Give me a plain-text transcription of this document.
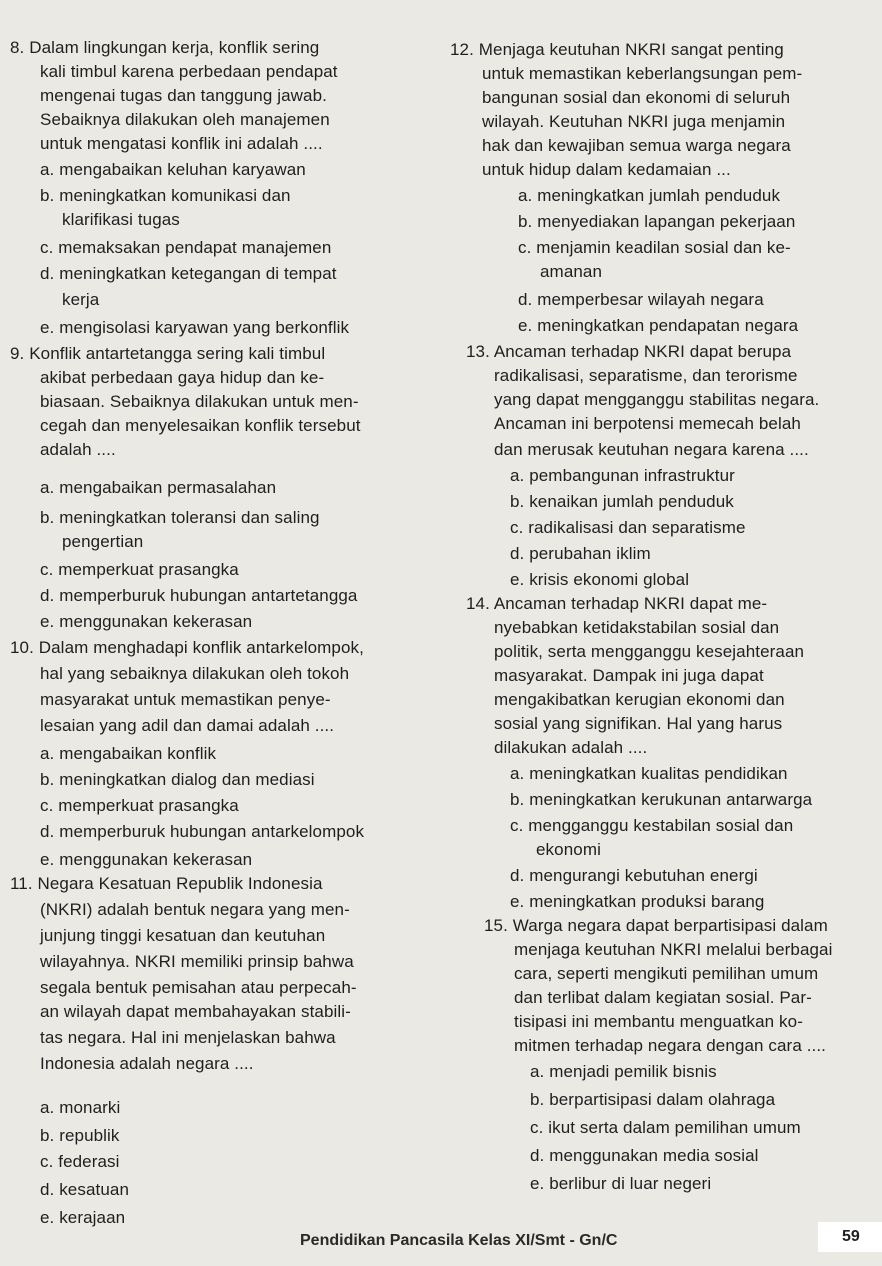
8. Dalam lingkungan kerja, konflik sering
kali timbul karena perbedaan pendapat
mengenai tugas dan tanggung jawab.
Sebaiknya dilakukan oleh manajemen
untuk mengatasi konflik ini adalah ....
a. mengabaikan keluhan karyawan
b. meningkatkan komunikasi dan
klarifikasi tugas
c. memaksakan pendapat manajemen
d. meningkatkan ketegangan di tempat
kerja
e. mengisolasi karyawan yang berkonflik
9. Konflik antartetangga sering kali timbul
akibat perbedaan gaya hidup dan ke-
biasaan. Sebaiknya dilakukan untuk men-
cegah dan menyelesaikan konflik tersebut
adalah ....
a. mengabaikan permasalahan
b. meningkatkan toleransi dan saling
pengertian
c. memperkuat prasangka
d. memperburuk hubungan antartetangga
e. menggunakan kekerasan
10. Dalam menghadapi konflik antarkelompok,
hal yang sebaiknya dilakukan oleh tokoh
masyarakat untuk memastikan penye-
lesaian yang adil dan damai adalah ....
a. mengabaikan konflik
b. meningkatkan dialog dan mediasi
c. memperkuat prasangka
d. memperburuk hubungan antarkelompok
e. menggunakan kekerasan
11. Negara Kesatuan Republik Indonesia
(NKRI) adalah bentuk negara yang men-
junjung tinggi kesatuan dan keutuhan
wilayahnya. NKRI memiliki prinsip bahwa
segala bentuk pemisahan atau perpecah-
an wilayah dapat membahayakan stabili-
tas negara. Hal ini menjelaskan bahwa
Indonesia adalah negara ....
a. monarki
b. republik
c. federasi
d. kesatuan
e. kerajaan
12. Menjaga keutuhan NKRI sangat penting
untuk memastikan keberlangsungan pem-
bangunan sosial dan ekonomi di seluruh
wilayah. Keutuhan NKRI juga menjamin
hak dan kewajiban semua warga negara
untuk hidup dalam kedamaian ...
a. meningkatkan jumlah penduduk
b. menyediakan lapangan pekerjaan
c. menjamin keadilan sosial dan ke-
amanan
d. memperbesar wilayah negara
e. meningkatkan pendapatan negara
13. Ancaman terhadap NKRI dapat berupa
radikalisasi, separatisme, dan terorisme
yang dapat mengganggu stabilitas negara.
Ancaman ini berpotensi memecah belah
dan merusak keutuhan negara karena ....
a. pembangunan infrastruktur
b. kenaikan jumlah penduduk
c. radikalisasi dan separatisme
d. perubahan iklim
e. krisis ekonomi global
14. Ancaman terhadap NKRI dapat me-
nyebabkan ketidakstabilan sosial dan
politik, serta mengganggu kesejahteraan
masyarakat. Dampak ini juga dapat
mengakibatkan kerugian ekonomi dan
sosial yang signifikan. Hal yang harus
dilakukan adalah ....
a. meningkatkan kualitas pendidikan
b. meningkatkan kerukunan antarwarga
c. mengganggu kestabilan sosial dan
ekonomi
d. mengurangi kebutuhan energi
e. meningkatkan produksi barang
15. Warga negara dapat berpartisipasi dalam
menjaga keutuhan NKRI melalui berbagai
cara, seperti mengikuti pemilihan umum
dan terlibat dalam kegiatan sosial. Par-
tisipasi ini membantu menguatkan ko-
mitmen terhadap negara dengan cara ....
a. menjadi pemilik bisnis
b. berpartisipasi dalam olahraga
c. ikut serta dalam pemilihan umum
d. menggunakan media sosial
e. berlibur di luar negeri
Pendidikan Pancasila Kelas XI/Smt - Gn/C	59
